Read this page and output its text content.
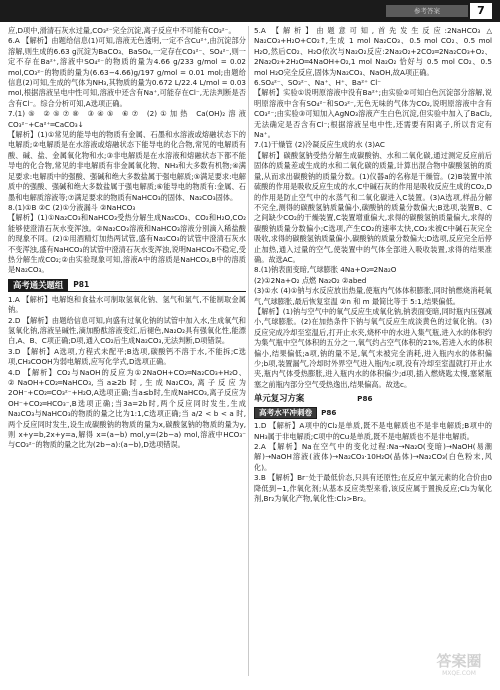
参考答案	7

应,D项中,滑清石灰水过量,CO₃²⁻完全沉淀,离子反应中不可能有CO₃²⁻。

6.A 【解析】由题给信息(1)可知,溶液无色透明,一定不含Cu²⁺,由沉淀部分溶解,则生成的6.63 g沉淀为BaCO₃、BaSO₄,一定存在CO₃²⁻、SO₄²⁻,则一定不存在Ba²⁺,溶液中SO₄²⁻的物质的量为4.66 g/233 g/mol = 0.02 mol,CO₃²⁻的物质的量为(6.63−4.66)g/197 g/mol = 0.01 mol;由题给信息(2)可知,生成的气体为NH₃,其物质的量为0.672 L/22.4 L/mol = 0.03 mol,根据溶液呈电中性可知,溶液中还含有Na⁺,可能存在Cl⁻,无法判断是否含有Cl⁻。综合分析可知,A选项正确。

7.(1)⑤ ②⑤⑦⑧ ③④⑤ ⑥⑦ (2)①加热 Ca(OH)₂溶液 CO₃²⁻+Ca²⁺═CaCO₃↓

【解析】(1)①常见的能导电的物质有金属、石墨和水溶液或熔融状态下的电解质;②电解质是在水溶液或熔融状态下能导电的化合物,常见的电解质有酸、碱、盐、金属氧化物和水;③非电解质是在水溶液和熔融状态下都不能导电的化合物,常见的非电解质有非金属氧化物、NH₃和大多数有机物;④满足要求:电解质中的强酸、强碱和绝大多数盐属于强电解质;⑤满足要求:电解质中的强酸、强碱和绝大多数盐属于强电解质;⑥能导电的物质有:金属、石墨和电解质溶液等;⑦满足要求的物质有NaHCO₃的固体、Na₂CO₃固体。

8.(1)①B ②C (2)①分液漏斗 ②NaHCO₃

【解析】(1)①Na₂CO₃和NaHCO₃受热分解生成Na₂CO₃、CO₂和H₂O,CO₂能够使澄清石灰水变浑浊。②Na₂CO₃溶液和NaHCO₃溶液分别滴入稀盐酸的现象不同。(2)①用酒精灯加热两试管,盛有Na₂CO₃的试管中澄清石灰水不变浑浊,盛有NaHCO₃的试管中澄清石灰水变浑浊,说明NaHCO₃不稳定,受热分解生成CO₂;②由实验现象可知,溶液A中的溶质是NaHCO₃,B中的溶质是Na₂CO₃。

高考通关题组	P81

1.A 【解析】电解饱和食盐水可制取氢氧化钠、氢气和氯气,不能制取金属钠。

2.D 【解析】由题给信息可知,向盛有过氧化钠的试管中加入水,生成氧气和氢氧化钠,溶液呈碱性,滴加酚酞溶液变红,后褪色,Na₂O₂具有强氧化性,能漂白,A、B、C项正确;D项,通入CO₂后生成Na₂CO₃,无法判断,D项错误。

3.D 【解析】A选项,方程式未配平;B选项,碳酸钙不溶于水,不能拆;C选项,CH₃COOH为弱电解质,应写化学式,D选项正确。

4.D 【解析】CO₂与NaOH的反应为①2NaOH+CO₂═Na₂CO₃+H₂O、②NaOH+CO₂═NaHCO₃,当a≥2b时,生成Na₂CO₃,离子反应为2OH⁻+CO₂═CO₃²⁻+H₂O,A选项正确;当a≤b时,生成NaHCO₃,离子反应为OH⁻+CO₂═HCO₃⁻,B选项正确;当3a=2b时,两个反应同时发生,生成Na₂CO₃与NaHCO₃的物质的量之比为1:1,C选项正确;当 a/2 < b < a 时,两个反应同时发生,设生成碳酸钠的物质的量为x,碳酸氢钠的物质的量为y,则 x+y=b,2x+y=a,解得 x=(a−b) mol,y=(2b−a) mol,溶液中HCO₃⁻与CO₃²⁻的物质的量之比为(2b−a):(a−b),D选项错误。

5.A 【解析】由题意可知,首先发生反应:2NaHCO₃ △ Na₂CO₃+H₂O+CO₂↑,生成 1 mol Na₂CO₃、0.5 mol CO₂、0.5 mol H₂O,然后CO₂、H₂O依次与Na₂O₂反应:2Na₂O₂+2CO₂═2Na₂CO₃+O₂、2Na₂O₂+2H₂O═4NaOH+O₂,1 mol Na₂O₂ 恰好与 0.5 mol CO₂、0.5 mol H₂O完全反应,固体为Na₂CO₃、NaOH,故A项正确。

6.SO₄²⁻、SO₃²⁻、Na⁺、H⁺、Ba²⁺ Cl⁻

【解析】实验①说明原溶液中没有Ba²⁺;由实验②可知白色沉淀部分溶解,说明原溶液中含有SO₄²⁻和SO₃²⁻,无色无味的气体为CO₂,说明原溶液中含有CO₃²⁻;由实验③可知加入AgNO₃溶液产生白色沉淀,但实验中加入了BaCl₂,无法确定是否含有Cl⁻;根据溶液呈电中性,还需要有阳离子,所以肯定有Na⁺。

7.(1)干燥管 (2)冷凝反应生成的水 (3)AC

【解析】碳酸氢钠受热分解生成碳酸钠、水和二氧化碳,通过测定反应前后固体的质量差或生成的水和二氧化碳的质量,计算出混合物中碳酸氢钠的质量,从而求出碳酸钠的质量分数。(1)仪器a的名称是干燥管。(2)B装置中浓硫酸的作用是吸收反应生成的水,C中碱石灰的作用是吸收反应生成的CO₂,D的作用是防止空气中的水蒸气和二氧化碳进入C装置。(3)A选项,样品分解不完全,测得的碳酸氢钠质量偏小,碳酸钠的质量分数偏大;B选项,装置B、C之间缺少CO₂的干燥装置,C装置增重偏大,求得的碳酸氢钠质量偏大,求得的碳酸钠质量分数偏小;C选项,产生CO₂的速率太快,CO₂未被C中碱石灰完全吸收,求得的碳酸氢钠质量偏小,碳酸钠的质量分数偏大;D选项,反应完全后停止加热,通入过量的空气,使装置中的气体全部进入吸收装置,求得的结果准确。故选AC。

8.(1)钠表面变暗,气球膨胀 4Na+O₂═2Na₂O

(2)①2Na+O₂ 点燃 Na₂O₂ ②abed

(3)①水 (4)①钠与水反应放出热量,使瓶内气体体积膨胀,同时钠燃烧消耗氧气,气球膨胀,最后恢复室温 ②n 和 m 最简比等于 5:1,结果偏低。

【解析】(1)钠与空气中的氧气反应生成氧化钠,钠表面变暗,同时瓶内压强减小,气球膨胀。(2)在加热条件下钠与氧气反应生成淡黄色的过氧化钠。(3)反应完成冷却至室温后,打开止水夹,烧杯中的水进入集气瓶,进入水的体积约为集气瓶中空气体积的五分之一,氧气约占空气体积的21%,若进入水的体积偏小,结果偏低;a项,钠的量不足,氧气未被完全消耗,进入瓶内水的体积偏少;b项,装置漏气,冷却时外界空气进入瓶内;c项,没有冷却至室温就打开止水夹,瓶内气体受热膨胀,进入瓶内水的体积偏少;d项,插入燃烧匙太慢,塞紧瓶塞之前瓶内部分空气受热逸出,结果偏高。故选c。

单元复习方案	P86
高考水平冲刺卷	P86

1.D 【解析】A项中的Cl₂是单质,既不是电解质也不是非电解质;B项中的NH₃属于非电解质;C项中的Cu是单质,既不是电解质也不是非电解质。

2.A 【解析】Na在空气中的变化过程:Na→Na₂O(变暗)→NaOH(易潮解)→NaOH溶液(液体)→Na₂CO₃·10H₂O(晶体)→Na₂CO₃(白色粉末,风化)。

3.B 【解析】Br⁻处于最低价态,只具有还原性;在反应中氯元素的化合价由0降低到−1,作氧化剂;从基本反应类型来看,该反应属于置换反应;Cl₂为氧化剂,Br₂为氧化产物,氧化性:Cl₂>Br₂。

答案圈
MXQE.COM
